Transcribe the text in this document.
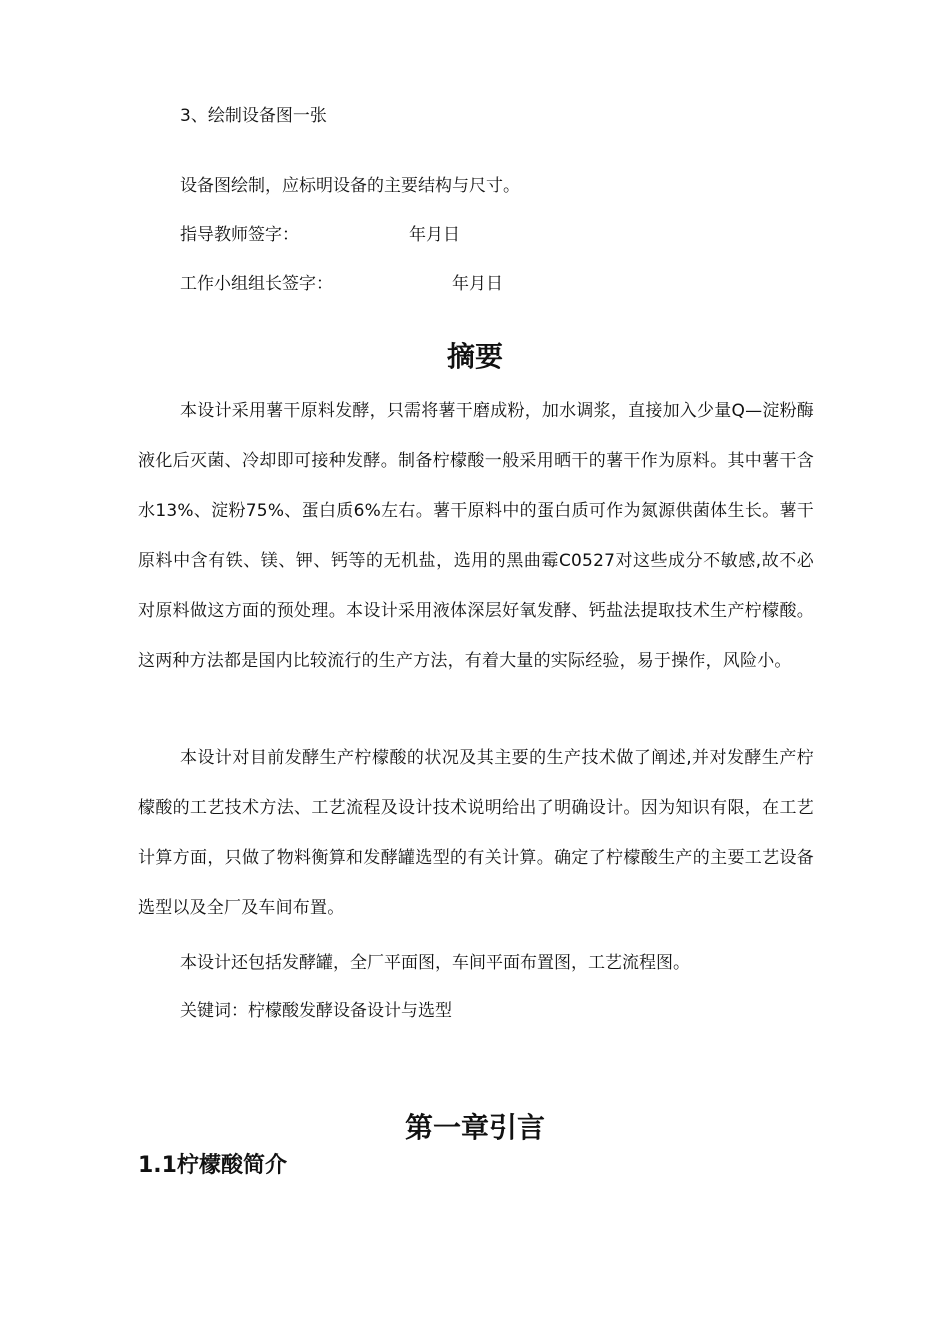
3、绘制设备图一张
设备图绘制，应标明设备的主要结构与尺寸。
指导教师签字：	年月日
工作小组组长签字：	年月日
摘要

本设计采用薯干原料发酵，只需将薯干磨成粉，加水调浆，直接加入少量Q—淀粉酶液化后灭菌、冷却即可接种发酵。制备柠檬酸一般采用晒干的薯干作为原料。其中薯干含水13%、淀粉75%、蛋白质6%左右。薯干原料中的蛋白质可作为氮源供菌体生长。薯干原料中含有铁、镁、钾、钙等的无机盐，选用的黑曲霉C0527对这些成分不敏感,故不必对原料做这方面的预处理。本设计采用液体深层好氧发酵、钙盐法提取技术生产柠檬酸。这两种方法都是国内比较流行的生产方法，有着大量的实际经验，易于操作，风险小。

本设计对目前发酵生产柠檬酸的状况及其主要的生产技术做了阐述,并对发酵生产柠檬酸的工艺技术方法、工艺流程及设计技术说明给出了明确设计。因为知识有限，在工艺计算方面，只做了物料衡算和发酵罐选型的有关计算。确定了柠檬酸生产的主要工艺设备选型以及全厂及车间布置。

本设计还包括发酵罐，全厂平面图，车间平面布置图，工艺流程图。
关键词：柠檬酸发酵设备设计与选型
第一章引言
1.1柠檬酸简介
